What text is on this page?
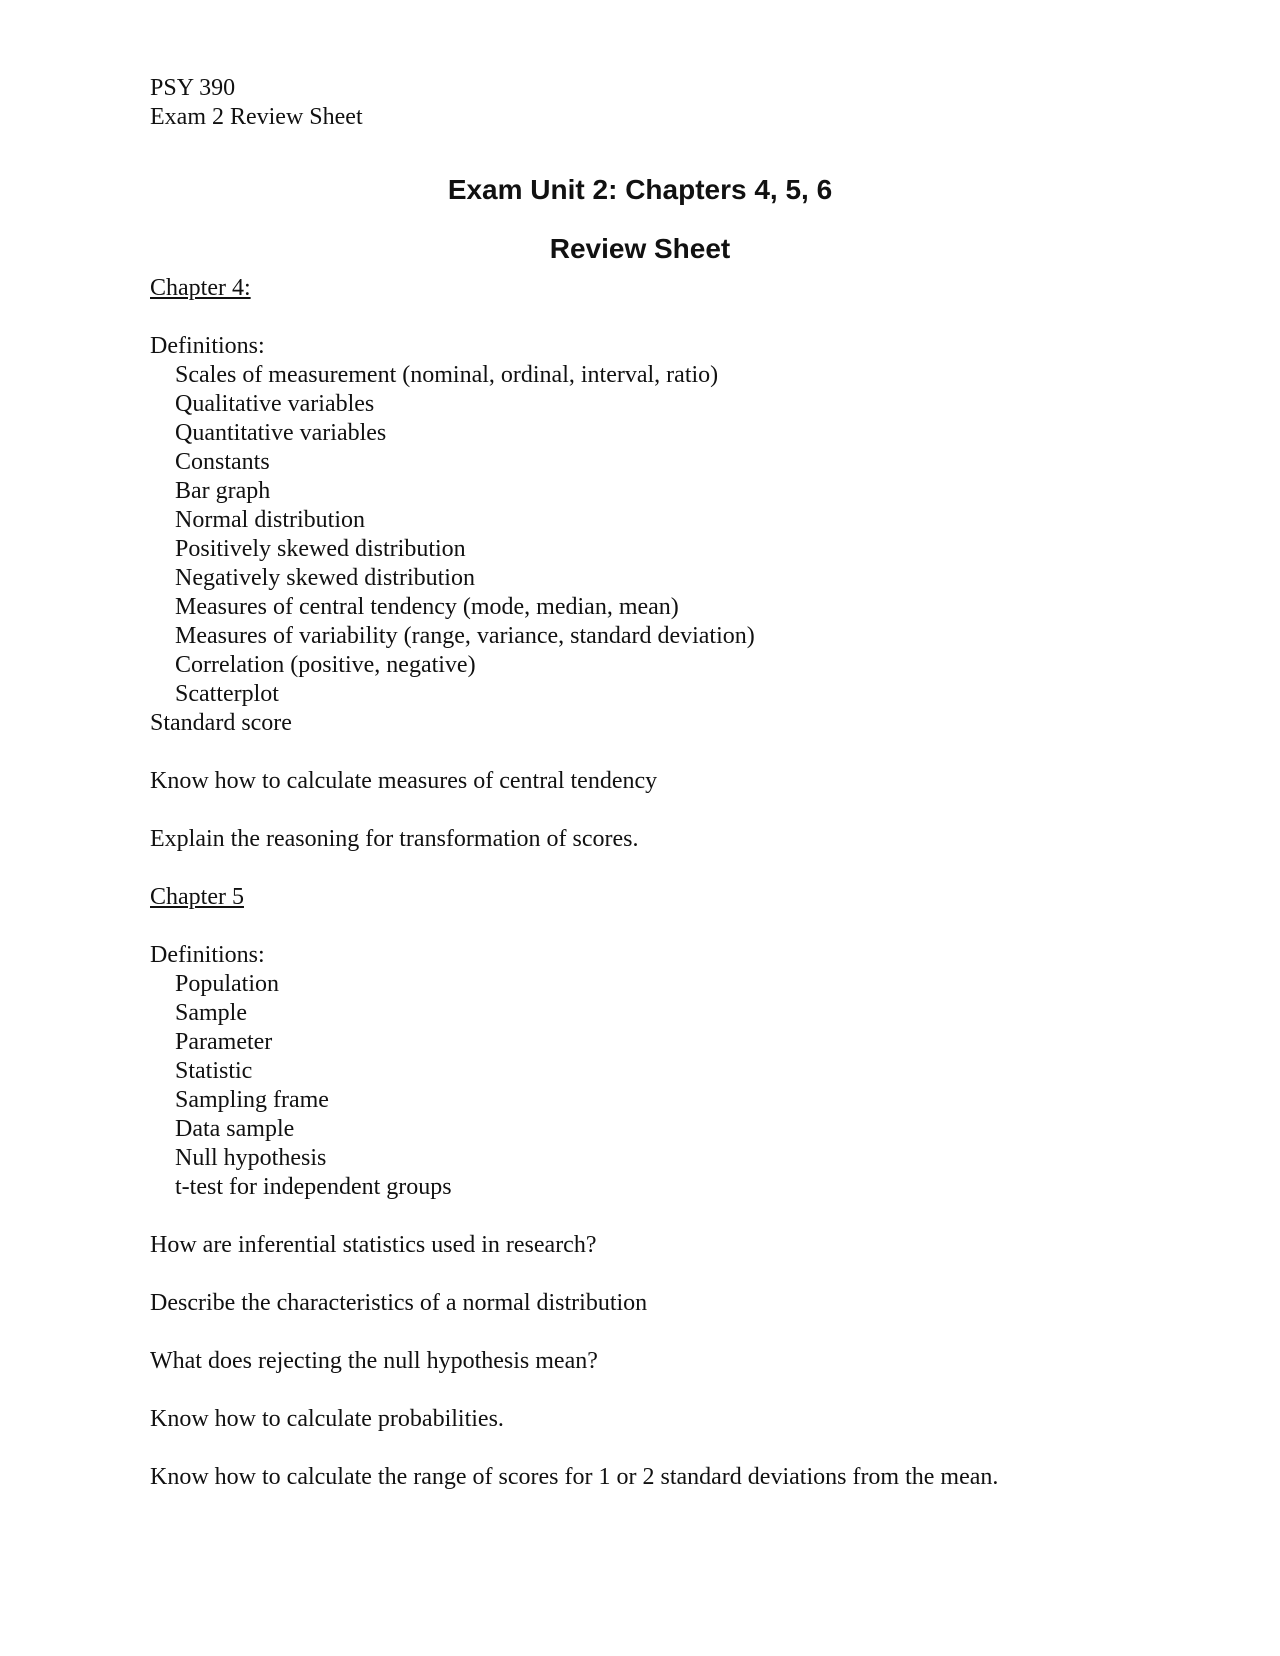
PSY 390
Exam 2 Review Sheet
Exam Unit 2: Chapters 4, 5, 6
Review Sheet
Chapter 4:
Definitions:
Scales of measurement (nominal, ordinal, interval, ratio)
Qualitative variables
Quantitative variables
Constants
Bar graph
Normal distribution
Positively skewed distribution
Negatively skewed distribution
Measures of central tendency (mode, median, mean)
Measures of variability (range, variance, standard deviation)
Correlation (positive, negative)
Scatterplot
Standard score
Know how to calculate measures of central tendency
Explain the reasoning for transformation of scores.
Chapter 5
Definitions:
Population
Sample
Parameter
Statistic
Sampling frame
Data sample
Null hypothesis
t-test for independent groups
How are inferential statistics used in research?
Describe the characteristics of a normal distribution
What does rejecting the null hypothesis mean?
Know how to calculate probabilities.
Know how to calculate the range of scores for 1 or 2 standard deviations from the mean.
